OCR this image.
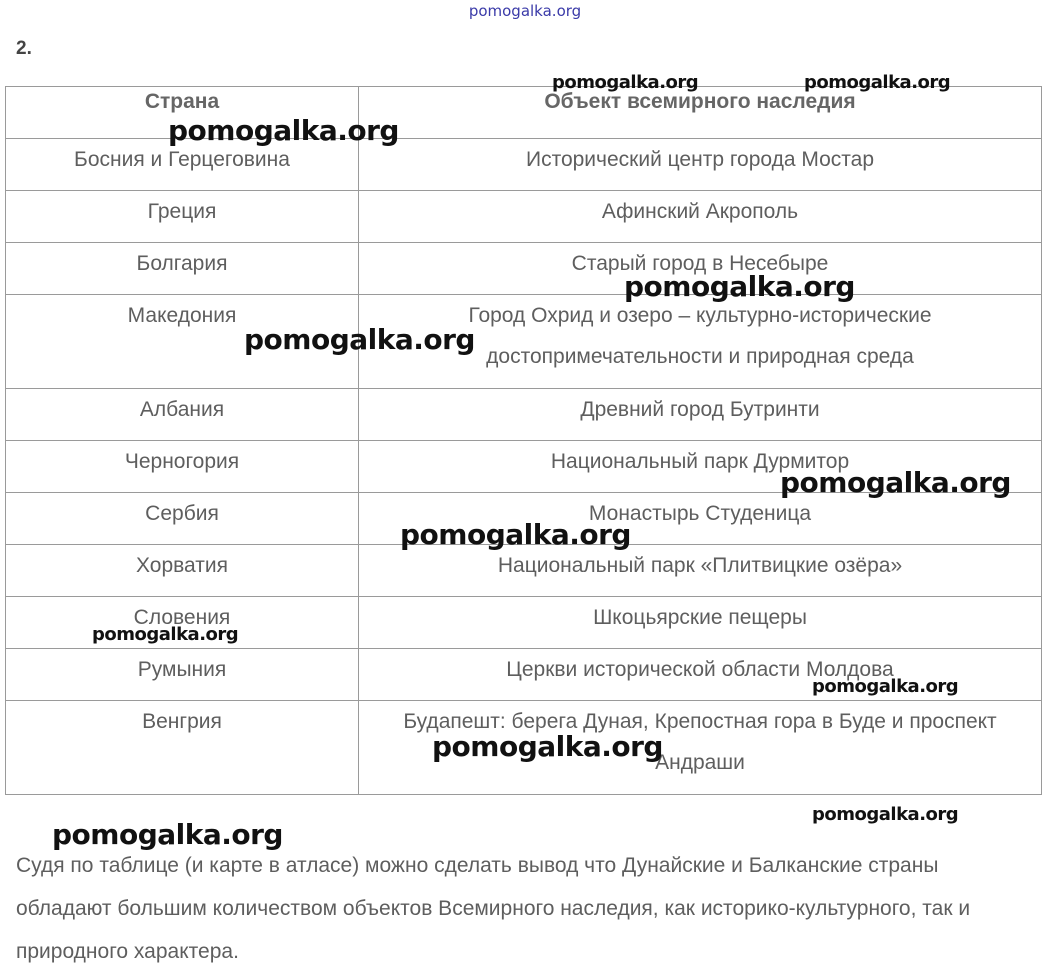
pomogalka.org
2.
Страна	Объект всемирного наследия
Босния и Герцеговина	Исторический центр города Мостар
Греция	Афинский Акрополь
Болгария	Старый город в Несебыре
Македония	Город Охрид и озеро – культурно-исторические достопримечательности и природная среда
Албания	Древний город Бутринти
Черногория	Национальный парк Дурмитор
Сербия	Монастырь Студеница
Хорватия	Национальный парк «Плитвицкие озёра»
Словения	Шкоцьярские пещеры
Румыния	Церкви исторической области Молдова
Венгрия	Будапешт: берега Дуная, Крепостная гора в Буде и проспект Андраши
Судя по таблице (и карте в атласе) можно сделать вывод что Дунайские и Балканские страны обладают большим количеством объектов Всемирного наследия, как историко-культурного, так и природного характера.
pomogalka.org	pomogalka.org
pomogalka.org
pomogalka.org
pomogalka.org
pomogalka.org
pomogalka.org
pomogalka.org
pomogalka.org
pomogalka.org
pomogalka.org
pomogalka.org
